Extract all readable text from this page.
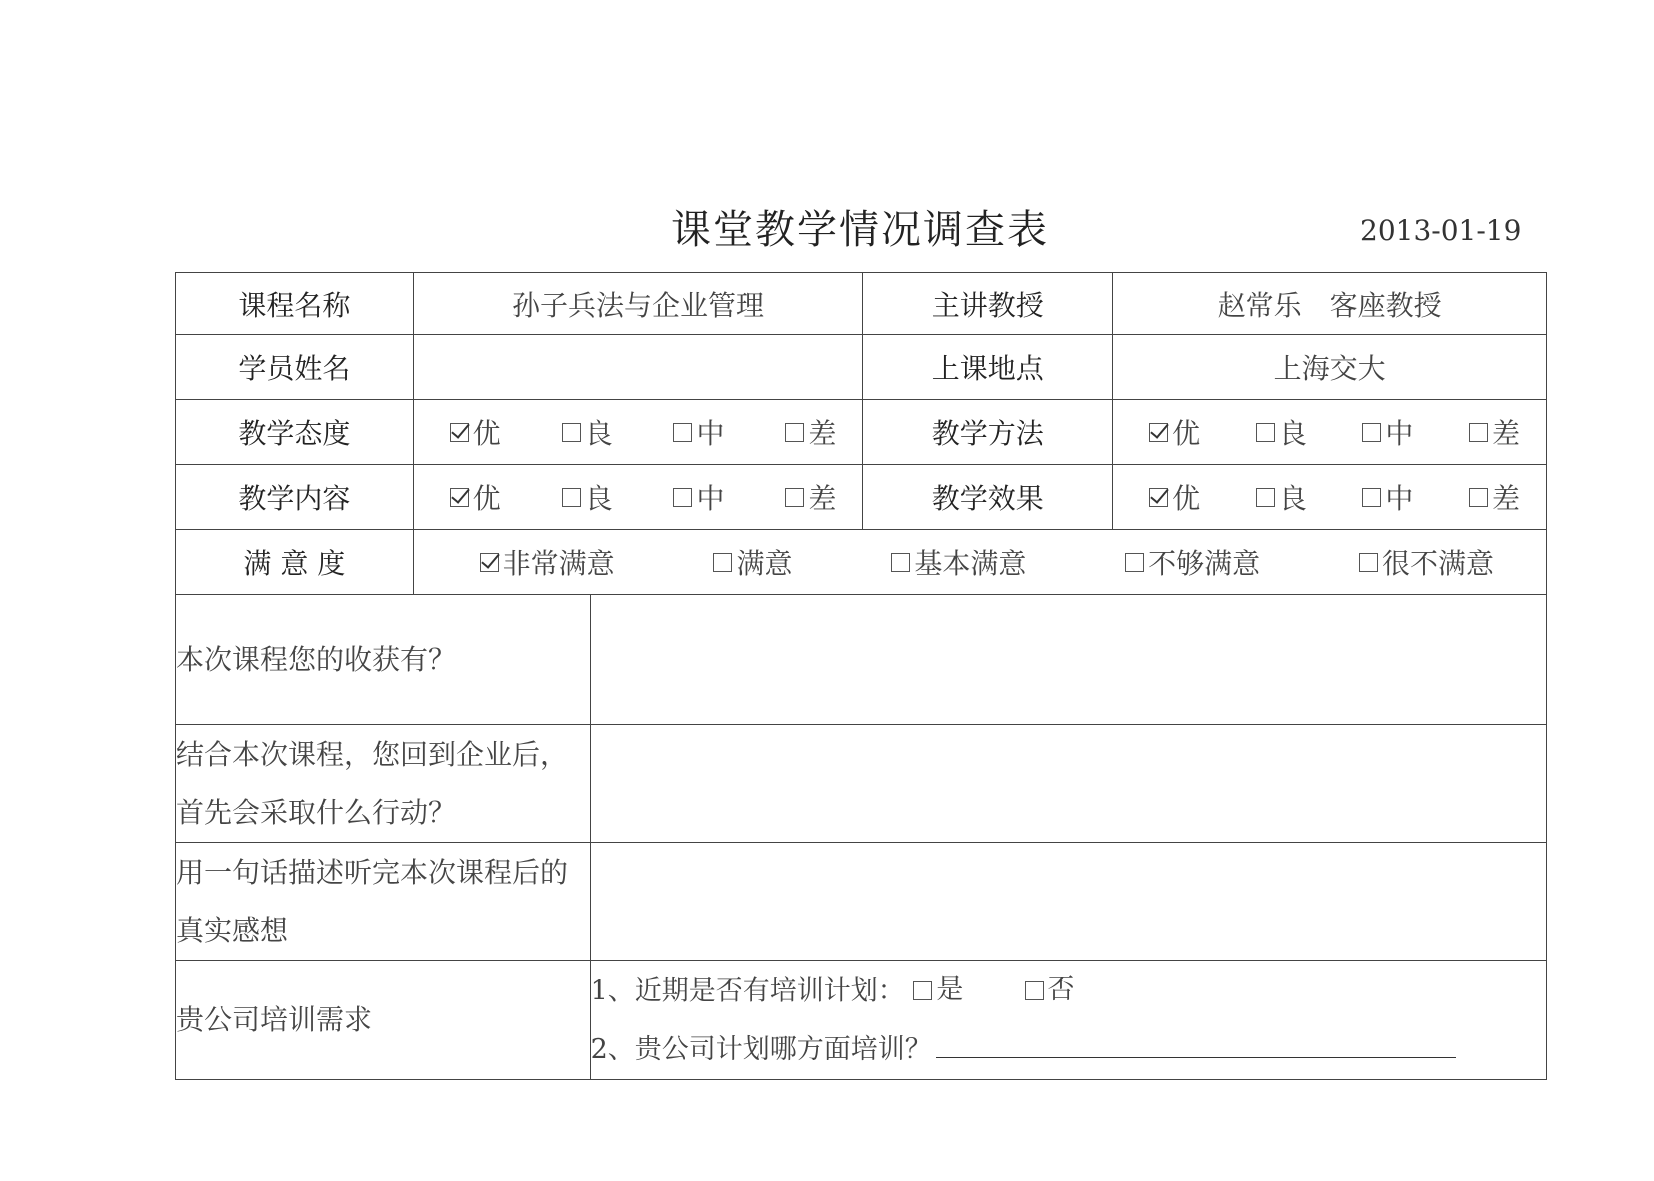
课堂教学情况调查表	2013-01-19
课程名称	孙子兵法与企业管理		主讲教授	赵常乐　客座教授
学员姓名			上课地点	上海交大
教学态度	优 良 中 差		教学方法	优 良 中 差

教学内容	优 良 中 差		教学效果	优 良 中 差

满 意 度	非常满意 满意 基本满意 不够满意 很不满意			

本次课程您的收获有？				
结合本次课程，您回到企业后，首先会采取什么行动？				
用一句话描述听完本次课程后的真实感想				
贵公司培训需求		1、近期是否有培训计划： 是
否
2、贵公司计划哪方面培训？		
